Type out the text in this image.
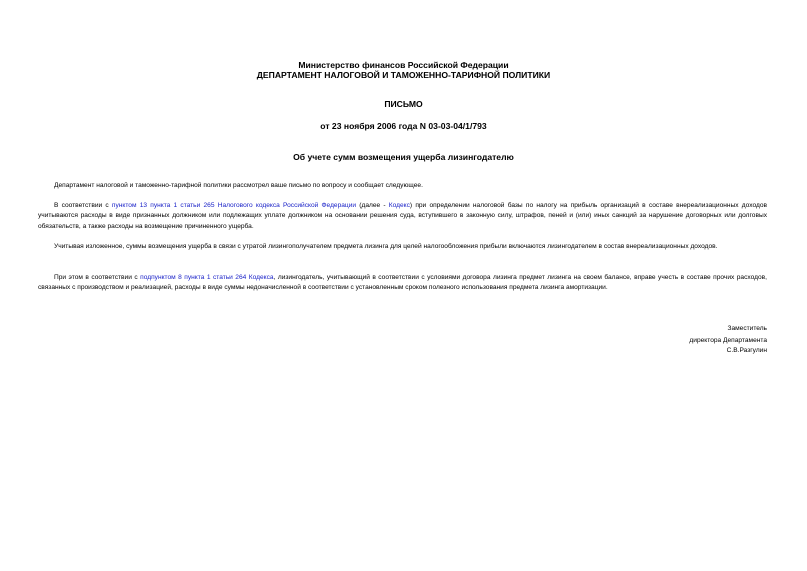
Министерство финансов Российской Федерации
ДЕПАРТАМЕНТ НАЛОГОВОЙ И ТАМОЖЕННО-ТАРИФНОЙ ПОЛИТИКИ
ПИСЬМО
от 23 ноября 2006 года N 03-03-04/1/793
Об учете сумм возмещения ущерба лизингодателю

Департамент налоговой и таможенно-тарифной политики рассмотрел ваше письмо по вопросу и сообщает следующее.

В соответствии с пунктом 13 пункта 1 статьи 265 Налогового кодекса Российской Федерации (далее - Кодекс) при определении налоговой базы по налогу на прибыль организаций в составе внереализационных доходов учитываются расходы в виде признанных должником или подлежащих уплате должником на основании решения суда, вступившего в законную силу, штрафов, пеней и (или) иных санкций за нарушение договорных или долговых обязательств, а также расходы на возмещение причиненного ущерба.

Учитывая изложенное, суммы возмещения ущерба в связи с утратой лизингополучателем предмета лизинга для целей налогообложения прибыли включаются лизингодателем в состав внереализационных доходов.

При этом в соответствии с подпунктом 8 пункта 1 статьи 264 Кодекса, лизингодатель, учитывающий в соответствии с условиями договора лизинга предмет лизинга на своем балансе, вправе учесть в составе прочих расходов, связанных с производством и реализацией, расходы в виде суммы недоначисленной в соответствии с установленным сроком полезного использования предмета лизинга амортизации.

Заместитель
директора Департамента
С.В.Разгулин
